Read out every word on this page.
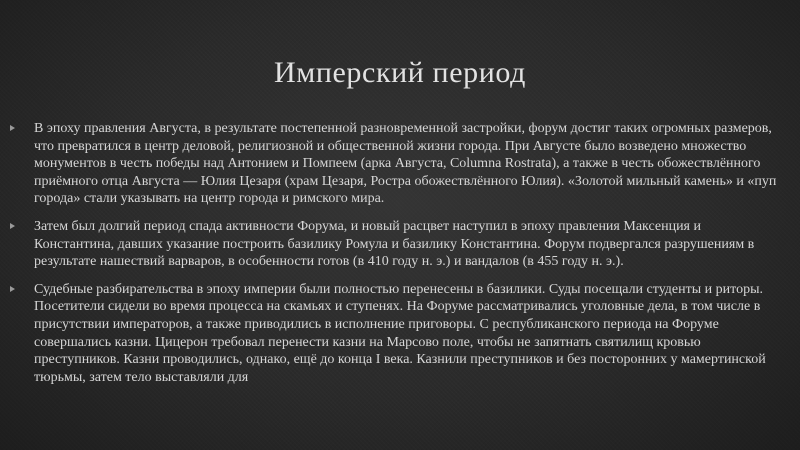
Имперский период
В эпоху правления Августа, в результате постепенной разновременной застройки, форум достиг таких огромных размеров, что превратился в центр деловой, религиозной и общественной жизни города. При Августе было возведено множество монументов в честь победы над Антонием и Помпеем (арка Августа, Columna Rostrata), а также в честь обожествлённого приёмного отца Августа — Юлия Цезаря (храм Цезаря, Ростра обожествлённого Юлия). «Золотой мильный камень» и «пуп города» стали указывать на центр города и римского мира.
Затем был долгий период спада активности Форума, и новый расцвет наступил в эпоху правления Максенция и Константина, давших указание построить базилику Ромула и базилику Константина. Форум подвергался разрушениям в результате нашествий варваров, в особенности готов (в 410 году н. э.) и вандалов (в 455 году н. э.).
Судебные разбирательства в эпоху империи были полностью перенесены в базилики. Суды посещали студенты и риторы. Посетители сидели во время процесса на скамьях и ступенях. На Форуме рассматривались уголовные дела, в том числе в присутствии императоров, а также приводились в исполнение приговоры. С республиканского периода на Форуме совершались казни. Цицерон требовал перенести казни на Марсово поле, чтобы не запятнать святилищ кровью преступников. Казни проводились, однако, ещё до конца I века. Казнили преступников и без посторонних у мамертинской тюрьмы, затем тело выставляли для
